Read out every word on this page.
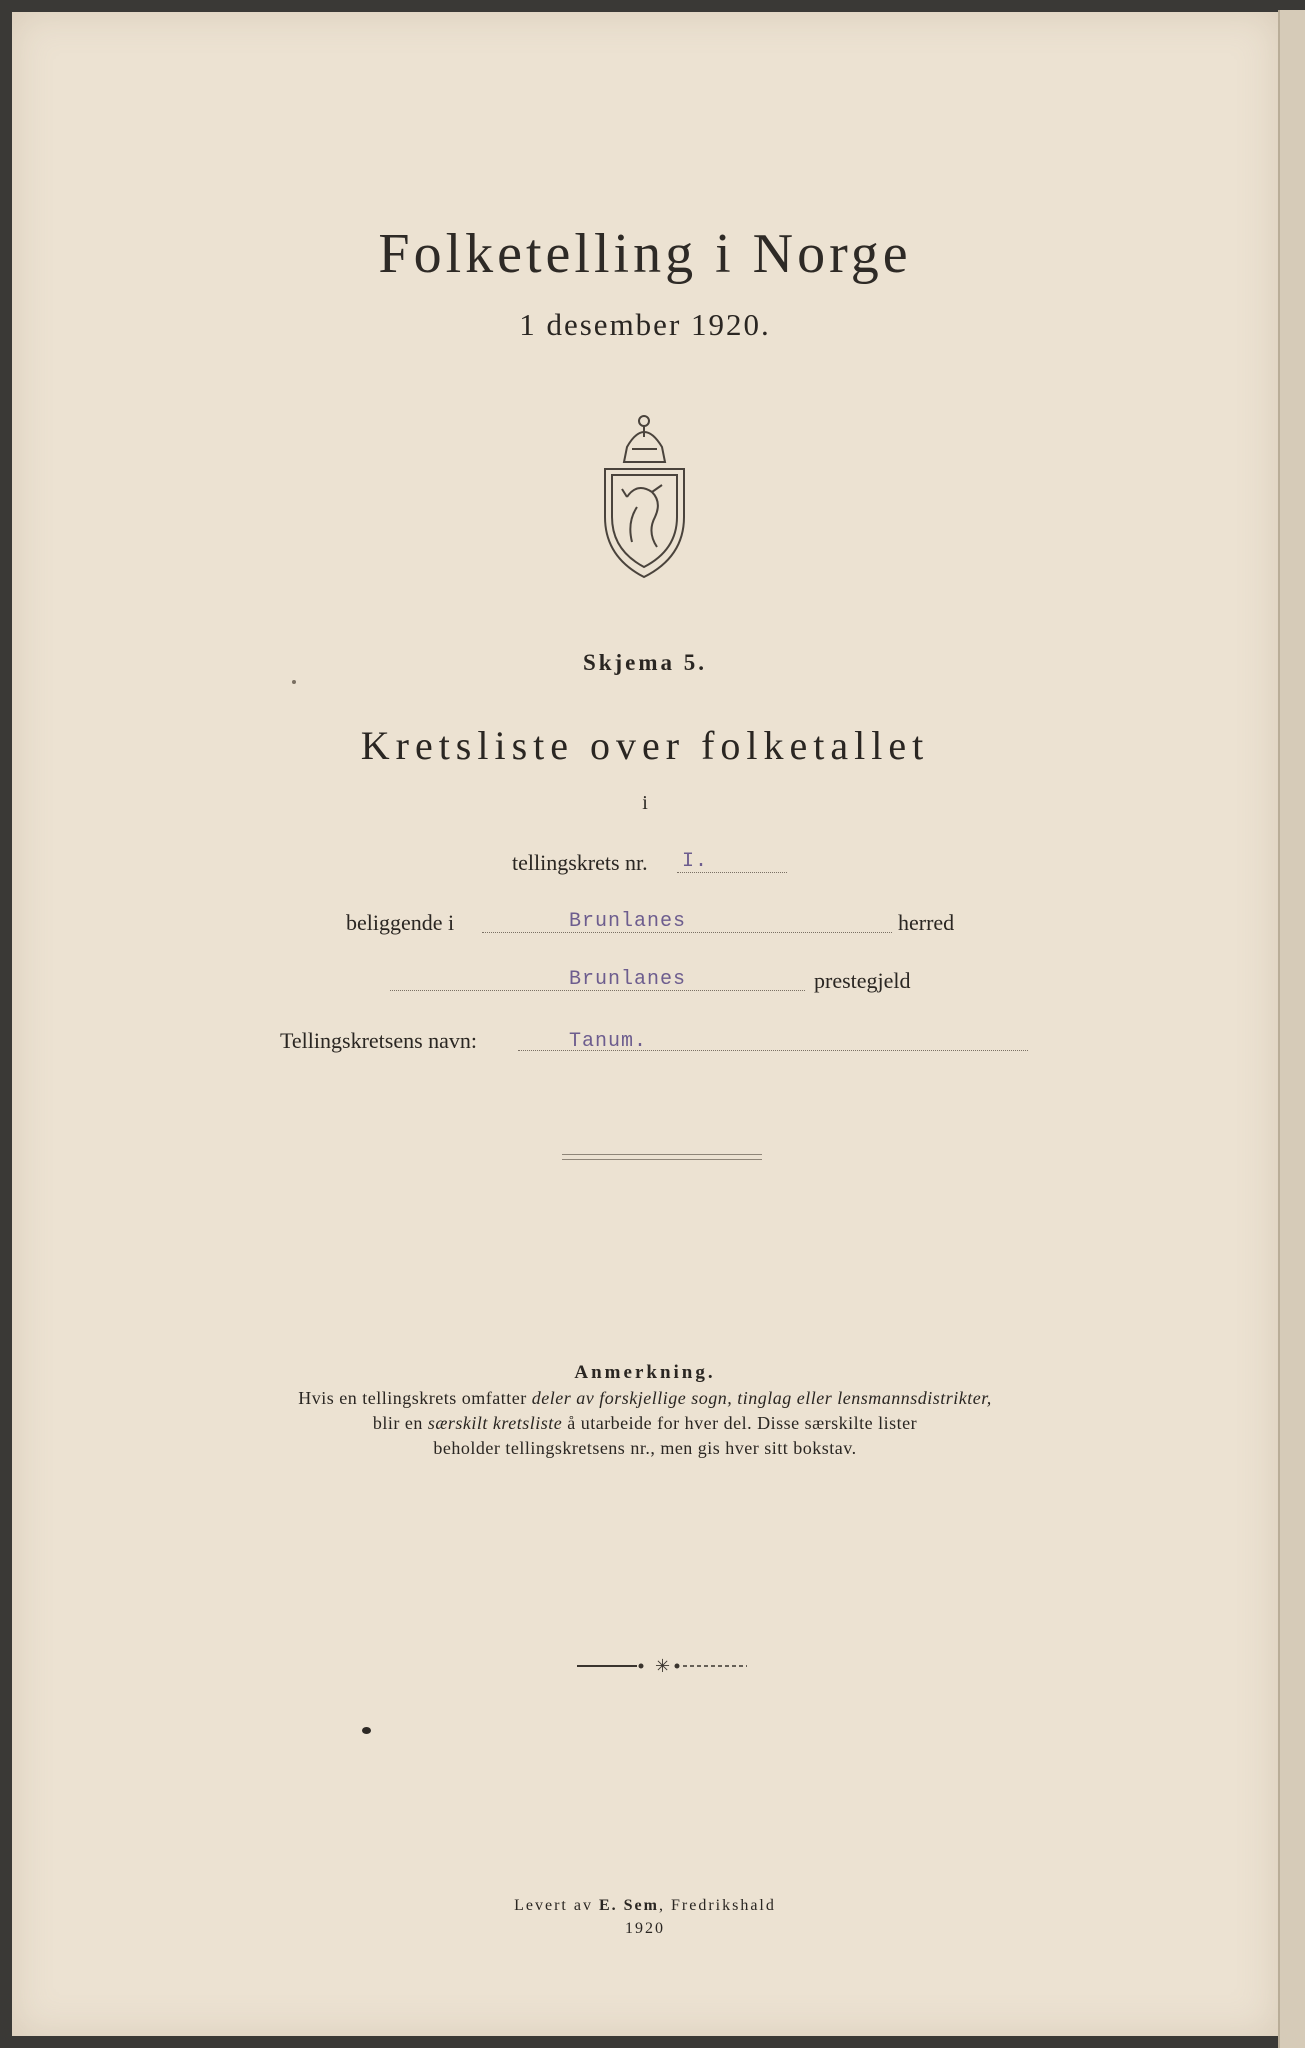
Folketelling i Norge
1 desember 1920.
Skjema 5.
Kretsliste over folketallet
i
tellingskrets nr. I.
beliggende i	Brunlanes	herred
Brunlanes	prestegjeld
Tellingskretsens navn:	Tanum.
Anmerkning.
Hvis en tellingskrets omfatter deler av forskjellige sogn, tinglag eller lensmannsdistrikter,
blir en særskilt kretsliste å utarbeide for hver del. Disse særskilte lister
beholder tellingskretsens nr., men gis hver sitt bokstav.
✳
Levert av E. Sem, Fredrikshald
1920
